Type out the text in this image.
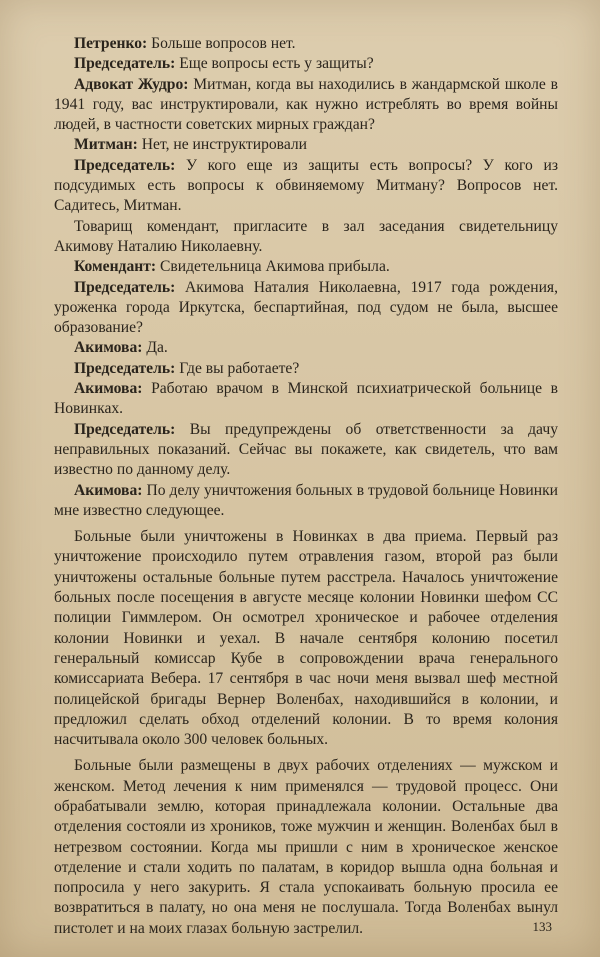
Петренко: Больше вопросов нет.

Председатель: Еще вопросы есть у защиты?

Адвокат Жудро: Митман, когда вы находились в жандармской школе в 1941 году, вас инструктировали, как нужно истреблять во время войны людей, в частности советских мирных граждан?

Митман: Нет, не инструктировали

Председатель: У кого еще из защиты есть вопросы? У кого из подсудимых есть вопросы к обвиняемому Митману? Вопросов нет. Садитесь, Митман.

Товарищ комендант, пригласите в зал заседания свидетельницу Акимову Наталию Николаевну.

Комендант: Свидетельница Акимова прибыла.

Председатель: Акимова Наталия Николаевна, 1917 года рождения, уроженка города Иркутска, беспартийная, под судом не была, высшее образование?

Акимова: Да.

Председатель: Где вы работаете?

Акимова: Работаю врачом в Минской психиатрической больнице в Новинках.

Председатель: Вы предупреждены об ответственности за дачу неправильных показаний. Сейчас вы покажете, как свидетель, что вам известно по данному делу.

Акимова: По делу уничтожения больных в трудовой больнице Новинки мне известно следующее.

Больные были уничтожены в Новинках в два приема. Первый раз уничтожение происходило путем отравления газом, второй раз были уничтожены остальные больные путем расстрела. Началось уничтожение больных после посещения в августе месяце колонии Новинки шефом СС полиции Гиммлером. Он осмотрел хроническое и рабочее отделения колонии Новинки и уехал. В начале сентября колонию посетил генеральный комиссар Кубе в сопровождении врача генерального комиссариата Вебера. 17 сентября в час ночи меня вызвал шеф местной полицейской бригады Вернер Воленбах, находившийся в колонии, и предложил сделать обход отделений колонии. В то время колония насчитывала около 300 человек больных.

Больные были размещены в двух рабочих отделениях — мужском и женском. Метод лечения к ним применялся — трудовой процесс. Они обрабатывали землю, которая принадлежала колонии. Остальные два отделения состояли из хроников, тоже мужчин и женщин. Воленбах был в нетрезвом состоянии. Когда мы пришли с ним в хроническое женское отделение и стали ходить по палатам, в коридор вышла одна больная и попросила у него закурить. Я стала успокаивать больную просила ее возвратиться в палату, но она меня не послушала. Тогда Воленбах вынул пистолет и на моих глазах больную застрелил.	133
